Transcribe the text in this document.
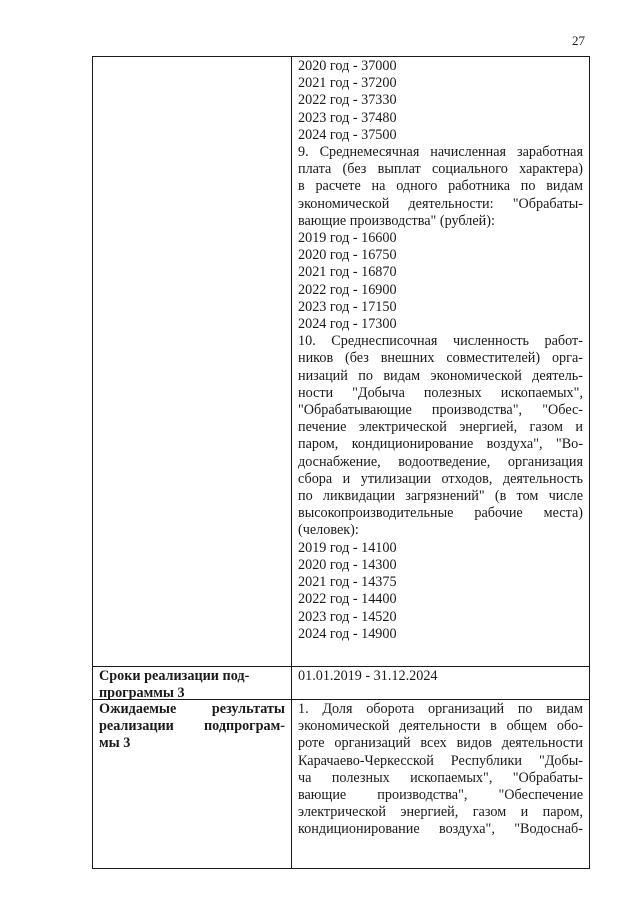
27
2020 год - 37000
2021 год - 37200
2022 год - 37330
2023 год - 37480
2024 год - 37500
9. Среднемесячная начисленная заработная
плата (без выплат социального характера)
в расчете на одного работника по видам
экономической деятельности: "Обрабаты-
вающие производства" (рублей):
2019 год - 16600
2020 год - 16750
2021 год - 16870
2022 год - 16900
2023 год - 17150
2024 год - 17300
10. Среднесписочная численность работ-
ников (без внешних совместителей) орга-
низаций по видам экономической деятель-
ности "Добыча полезных ископаемых",
"Обрабатывающие производства", "Обес-
печение электрической энергией, газом и
паром, кондиционирование воздуха", "Во-
доснабжение, водоотведение, организация
сбора и утилизации отходов, деятельность
по ликвидации загрязнений" (в том числе
высокопроизводительные рабочие места)
(человек):
2019 год - 14100
2020 год - 14300
2021 год - 14375
2022 год - 14400
2023 год - 14520
2024 год - 14900
Сроки реализации под-
программы 3
01.01.2019 - 31.12.2024
Ожидаемые результаты
реализации подпрограм-
мы 3
1. Доля оборота организаций по видам
экономической деятельности в общем обо-
роте организаций всех видов деятельности
Карачаево-Черкесской Республики "Добы-
ча полезных ископаемых", "Обрабаты-
вающие производства", "Обеспечение
электрической энергией, газом и паром,
кондиционирование воздуха", "Водоснаб-
